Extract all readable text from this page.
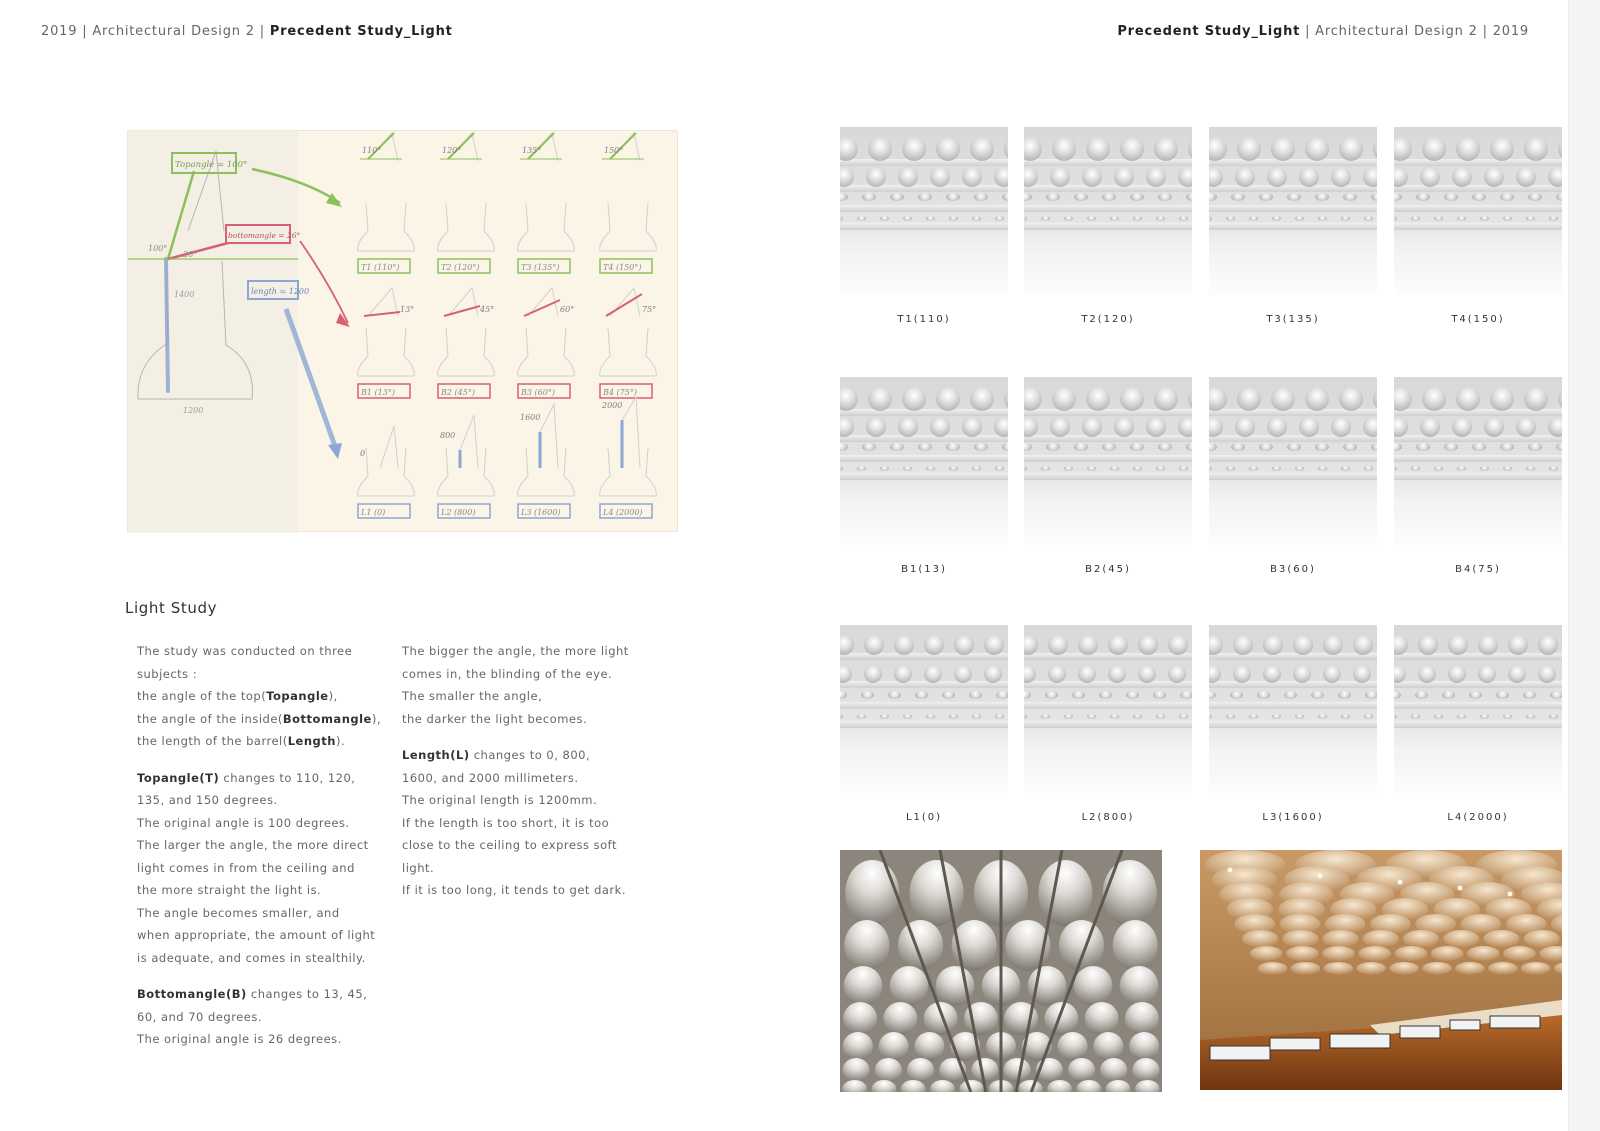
2019 | Architectural Design 2 | Precedent Study_Light	Precedent Study_Light | Architectural Design 2 | 2019
100°
26°
1400
1200
Topangle = 100°
bottomangle = 26°
length = 1200
110°
T1 (110°)
120°
T2 (120°)
135°
T3 (135°)
150°
T4 (150°)
13°
B1 (13°)
45°
B2 (45°)
60°
B3 (60°)
75°
B4 (75°)
0
L1 (0)
800
L2 (800)
1600
L3 (1600)
2000
L4 (2000)
Light Study
The study was conducted on three
subjects :
the angle of the top(Topangle),
the angle of the inside(Bottomangle),
the length of the barrel(Length).
Topangle(T) changes to 110, 120,
135, and 150 degrees.
The original angle is 100 degrees.
The larger the angle, the more direct
light comes in from the ceiling and
the more straight the light is.
The angle becomes smaller, and
when appropriate, the amount of light
is adequate, and comes in stealthily.
Bottomangle(B) changes to 13, 45,
60, and 70 degrees.
The original angle is 26 degrees.
The bigger the angle, the more light
comes in, the blinding of the eye.
The smaller the angle,
the darker the light becomes.
Length(L) changes to 0, 800,
1600, and 2000 millimeters.
The original length is 1200mm.
If the length is too short, it is too
close to the ceiling to express soft
light.
If it is too long, it tends to get dark.
T1(110)	T2(120)	T3(135)	T4(150)
B1(13)	B2(45)	B3(60)	B4(75)
L1(0)	L2(800)	L3(1600)	L4(2000)
